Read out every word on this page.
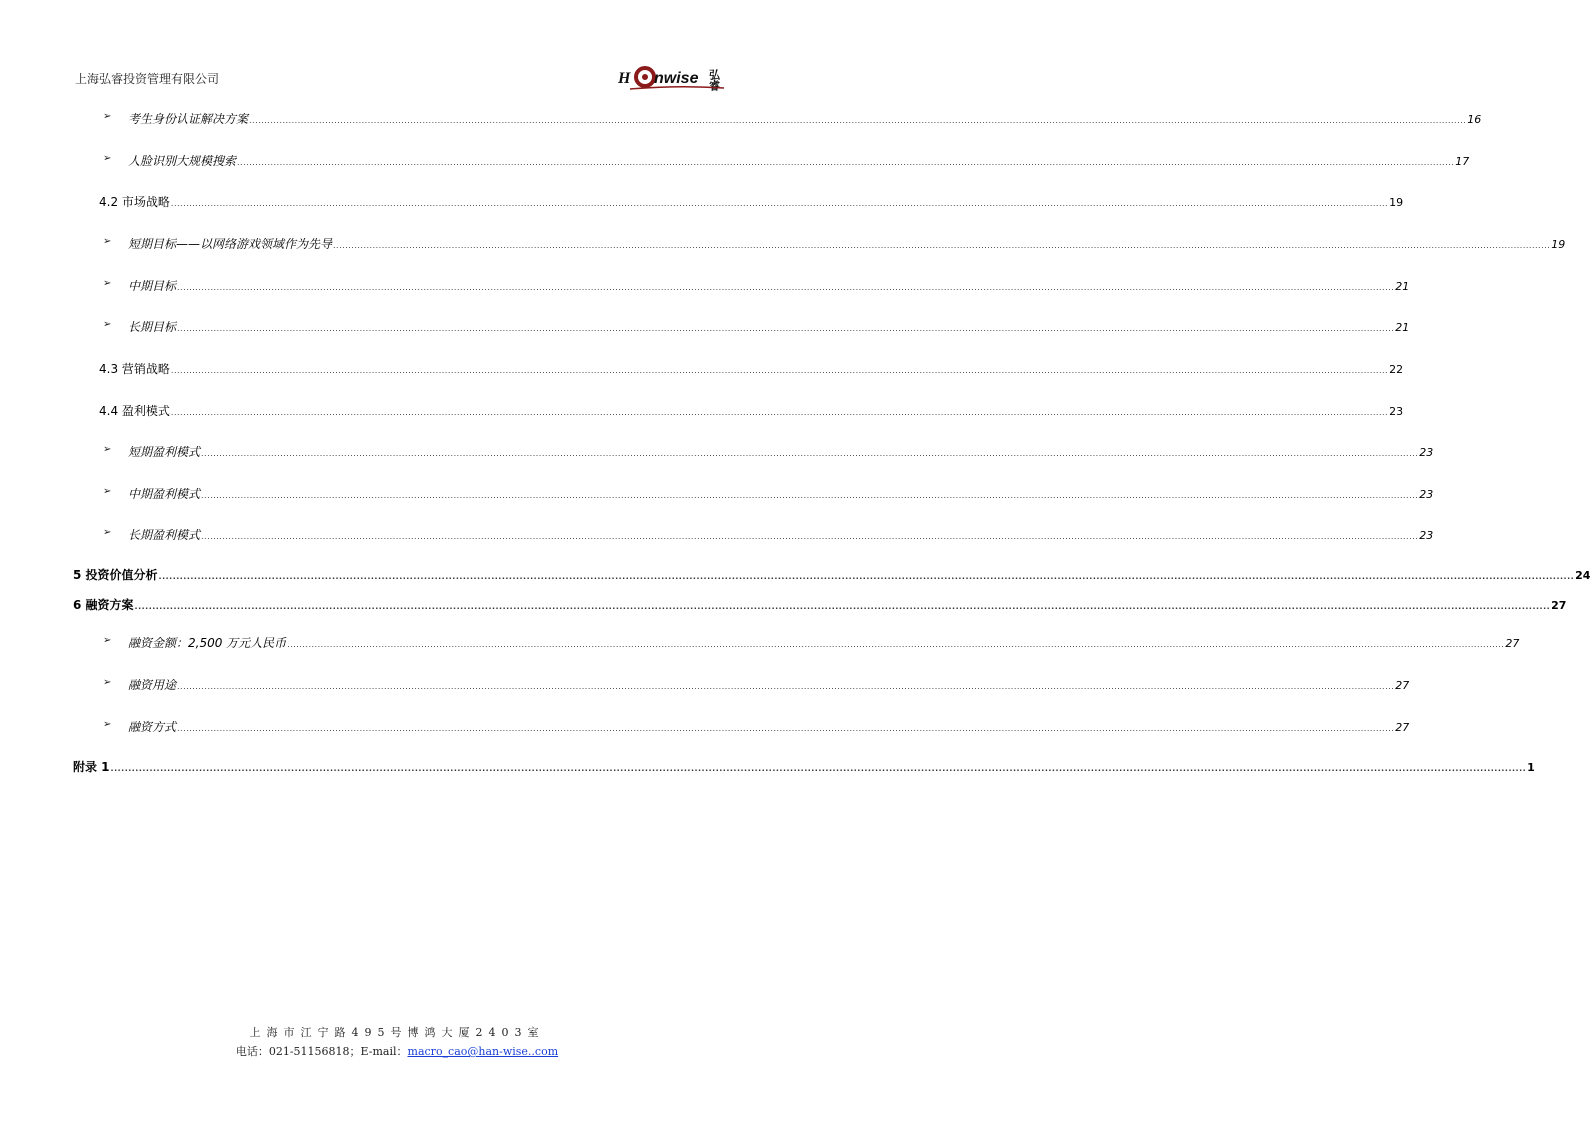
上海弘睿投资管理有限公司	H nwise 弘睿
➢ 考生身份认证解决方案 ................................................................................................................................................................................................................................................................................................................................................................................................................ 16
➢ 人脸识别大规模搜索 ................................................................................................................................................................................................................................................................................................................................................................................................................ 17
4.2 市场战略 ................................................................................................................................................................................................................................................................................................................................................................................................................ 19
➢ 短期目标——以网络游戏领域作为先导 ................................................................................................................................................................................................................................................................................................................................................................................................................ 19
➢ 中期目标 ................................................................................................................................................................................................................................................................................................................................................................................................................ 21
➢ 长期目标 ................................................................................................................................................................................................................................................................................................................................................................................................................ 21
4.3 营销战略 ................................................................................................................................................................................................................................................................................................................................................................................................................ 22
4.4 盈利模式 ................................................................................................................................................................................................................................................................................................................................................................................................................ 23
➢ 短期盈利模式 ................................................................................................................................................................................................................................................................................................................................................................................................................ 23
➢ 中期盈利模式 ................................................................................................................................................................................................................................................................................................................................................................................................................ 23
➢ 长期盈利模式 ................................................................................................................................................................................................................................................................................................................................................................................................................ 23
5 投资价值分析 ................................................................................................................................................................................................................................................................................................................................................................................................................ 24
6 融资方案 ................................................................................................................................................................................................................................................................................................................................................................................................................ 27
➢ 融资金额：2,500 万元人民币 ................................................................................................................................................................................................................................................................................................................................................................................................................ 27
➢ 融资用途 ................................................................................................................................................................................................................................................................................................................................................................................................................ 27
➢ 融资方式 ................................................................................................................................................................................................................................................................................................................................................................................................................ 27
附录 1 ................................................................................................................................................................................................................................................................................................................................................................................................................ 1
上海市江宁路495号博鸿大厦2403室
电话：021-51156818；E-mail：macro_cao@han-wise..com
